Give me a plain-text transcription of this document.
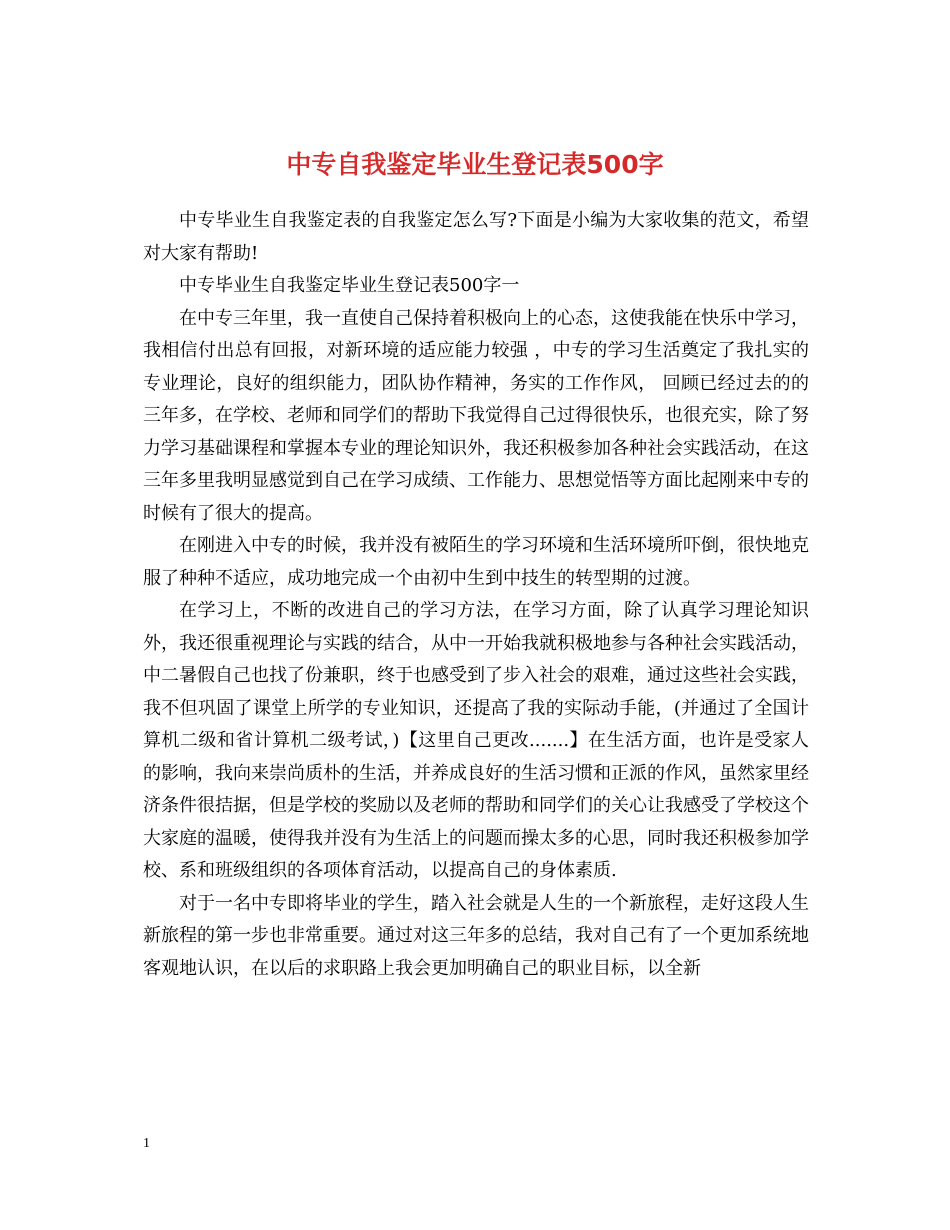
中专自我鉴定毕业生登记表500字

中专毕业生自我鉴定表的自我鉴定怎么写?下面是小编为大家收集的范文，希望对大家有帮助!

中专毕业生自我鉴定毕业生登记表500字一

在中专三年里，我一直使自己保持着积极向上的心态，这使我能在快乐中学习，我相信付出总有回报，对新环境的适应能力较强 ，中专的学习生活奠定了我扎实的专业理论，良好的组织能力，团队协作精神，务实的工作作风， 回顾已经过去的的三年多，在学校、老师和同学们的帮助下我觉得自己过得很快乐，也很充实，除了努力学习基础课程和掌握本专业的理论知识外，我还积极参加各种社会实践活动，在这三年多里我明显感觉到自己在学习成绩、工作能力、思想觉悟等方面比起刚来中专的时候有了很大的提高。

在刚进入中专的时候，我并没有被陌生的学习环境和生活环境所吓倒，很快地克服了种种不适应，成功地完成一个由初中生到中技生的转型期的过渡。

在学习上，不断的改进自己的学习方法，在学习方面，除了认真学习理论知识外，我还很重视理论与实践的结合，从中一开始我就积极地参与各种社会实践活动，中二暑假自己也找了份兼职，终于也感受到了步入社会的艰难，通过这些社会实践，我不但巩固了课堂上所学的专业知识，还提高了我的实际动手能，(并通过了全国计算机二级和省计算机二级考试，)【这里自己更改.......】在生活方面，也许是受家人的影响，我向来崇尚质朴的生活，并养成良好的生活习惯和正派的作风，虽然家里经济条件很拮据，但是学校的奖励以及老师的帮助和同学们的关心让我感受了学校这个大家庭的温暖，使得我并没有为生活上的问题而操太多的心思，同时我还积极参加学校、系和班级组织的各项体育活动，以提高自己的身体素质.

对于一名中专即将毕业的学生，踏入社会就是人生的一个新旅程，走好这段人生新旅程的第一步也非常重要。通过对这三年多的总结，我对自己有了一个更加系统地客观地认识，在以后的求职路上我会更加明确自己的职业目标，以全新

1
